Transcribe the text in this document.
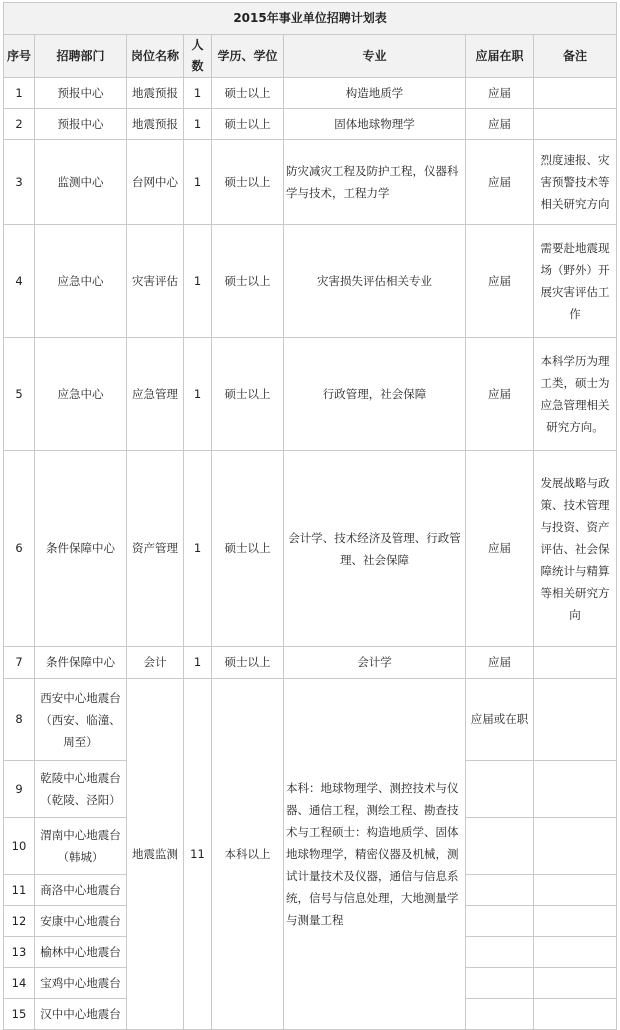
2015年事业单位招聘计划表							
序号	招聘部门	岗位名称	人数	学历、学位	专业	应届在职	备注
1	预报中心	地震预报	1	硕士以上	构造地质学	应届	
2	预报中心	地震预报	1	硕士以上	固体地球物理学	应届	
3	监测中心	台网中心	1	硕士以上	防灾减灾工程及防护工程，仪器科学与技术，工程力学	应届	烈度速报、灾害预警技术等相关研究方向
4	应急中心	灾害评估	1	硕士以上	灾害损失评估相关专业	应届	需要赴地震现场（野外）开展灾害评估工作
5	应急中心	应急管理	1	硕士以上	行政管理，社会保障	应届	本科学历为理工类，硕士为应急管理相关研究方向。
6	条件保障中心	资产管理	1	硕士以上	会计学、技术经济及管理、行政管理、社会保障	应届	发展战略与政策、技术管理与投资、资产评估、社会保障统计与精算等相关研究方向
7	条件保障中心	会计	1	硕士以上	会计学	应届	
8	西安中心地震台（西安、临潼、周至）	地震监测	11	本科以上	本科：地球物理学、测控技术与仪器、通信工程，测绘工程、勘查技术与工程硕士：构造地质学、固体地球物理学，精密仪器及机械，测试计量技术及仪器，通信与信息系统，信号与信息处理，大地测量学与测量工程	应届或在职	
9	乾陵中心地震台（乾陵、泾阳）						
10	渭南中心地震台（韩城）						
11	商洛中心地震台						
12	安康中心地震台						
13	榆林中心地震台						
14	宝鸡中心地震台						
15	汉中中心地震台						
